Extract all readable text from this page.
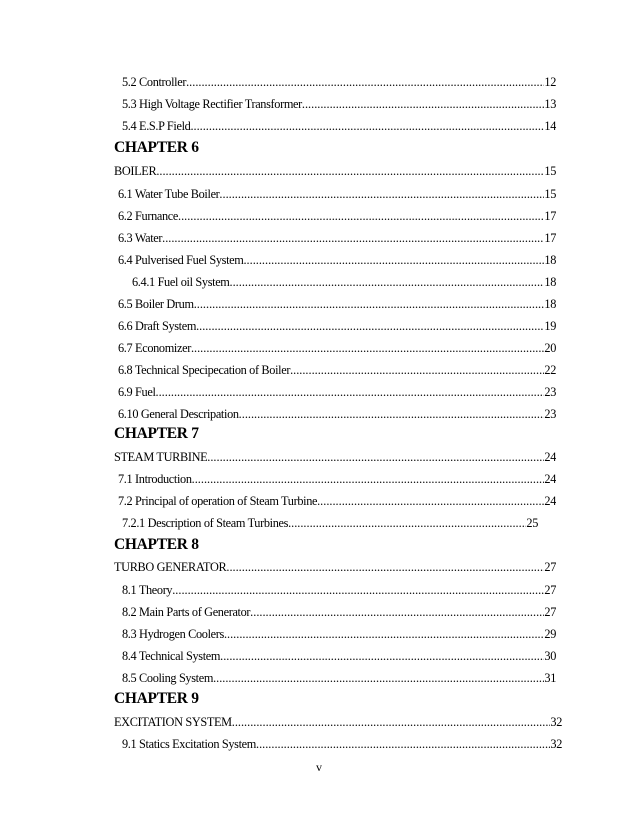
5.2 Controller .....	12
5.3 High Voltage Rectifier Transformer .....	13
5.4 E.S.P Field .....	14
CHAPTER 6
BOILER .....	15
6.1 Water Tube Boiler .....	15
6.2 Furnance .....	17
6.3 Water .....	17
6.4 Pulverised Fuel System .....	18
6.4.1 Fuel oil System .....	18
6.5 Boiler Drum .....	18
6.6 Draft System .....	19
6.7 Economizer .....	20
6.8 Technical Specipecation of Boiler .....	22
6.9 Fuel .....	23
6.10 General Descripation .....	23
CHAPTER 7
STEAM TURBINE .....	24
7.1 Introduction .....	24
7.2 Principal of operation of Steam Turbine .....	24
7.2.1 Description of Steam Turbines .....	25
CHAPTER 8
TURBO GENERATOR .....	27
8.1 Theory .....	27
8.2 Main Parts of Generator .....	27
8.3 Hydrogen Coolers .....	29
8.4 Technical System .....	30
8.5 Cooling System .....	31
CHAPTER 9
EXCITATION SYSTEM .....	32
9.1 Statics Excitation System .....	32
v
